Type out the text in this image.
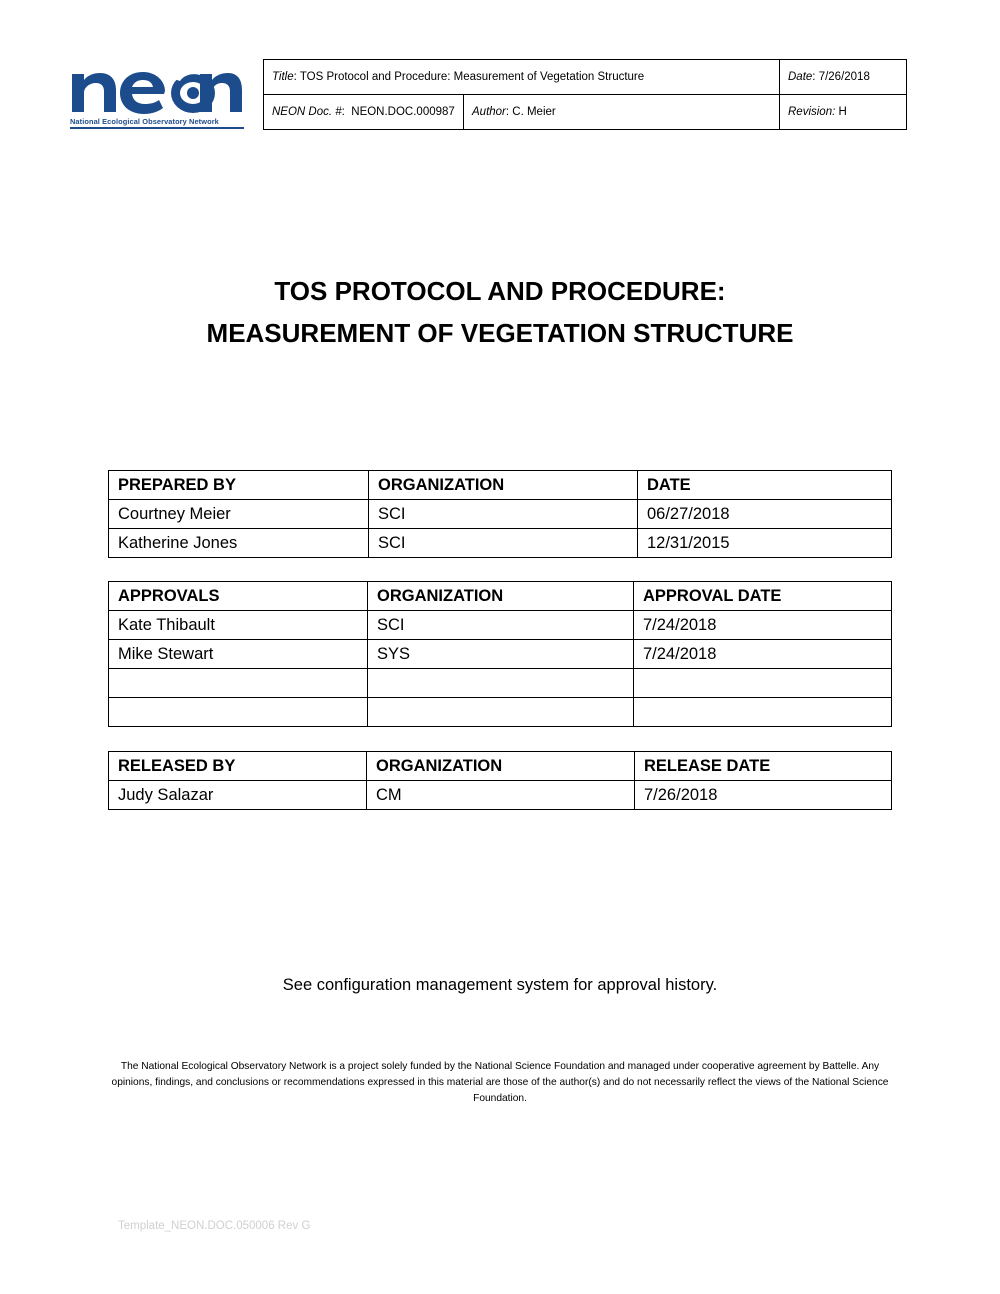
National Ecological Observatory Network
Title: TOS Protocol and Procedure: Measurement of Vegetation Structure		Date: 7/26/2018
NEON Doc. #:  NEON.DOC.000987	Author: C. Meier	Revision: H
TOS PROTOCOL AND PROCEDURE:
MEASUREMENT OF VEGETATION STRUCTURE
PREPARED BY	ORGANIZATION	DATE
Courtney Meier	SCI	06/27/2018
Katherine Jones	SCI	12/31/2015
APPROVALS	ORGANIZATION	APPROVAL DATE
Kate Thibault	SCI	7/24/2018
Mike Stewart	SYS	7/24/2018

RELEASED BY	ORGANIZATION	RELEASE DATE
Judy Salazar	CM	7/26/2018
See configuration management system for approval history.
The National Ecological Observatory Network is a project solely funded by the National Science Foundation and managed under cooperative agreement by Battelle. Any opinions, findings, and conclusions or recommendations expressed in this material are those of the author(s) and do not necessarily reflect the views of the National Science Foundation.
Template_NEON.DOC.050006 Rev G
